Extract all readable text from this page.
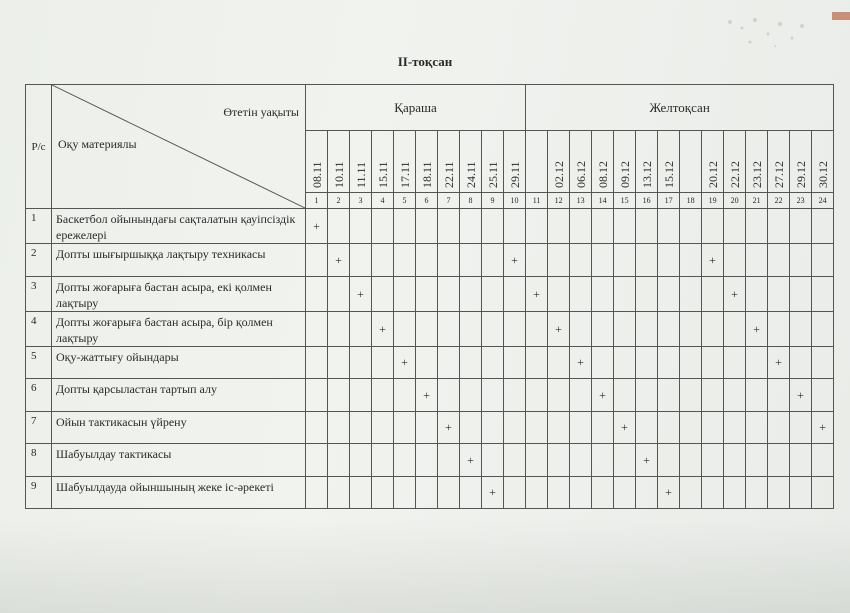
II-тоқсан
Р/с	Өтетін уақыты
Оқу материялы	Қараша										Желтоқсан													
		08.11	10.11	11.11	15.11	17.11	18.11	22.11	24.11	25.11	29.11		02.12	06.12	08.12	09.12	13.12	15.12		20.12	22.12	23.12	27.12	29.12	30.12
		1	2	3	4	5	6	7	8	9	10	11	12	13	14	15	16	17	18	19	20	21	22	23	24
1	Баскетбол ойынындағы сақталатын қауіпсіздік ережелері	+																							
2	Допты шығыршыққа лақтыру техникасы		+								+									+					
3	Допты жоғарыға бастан асыра, екі қолмен лақтыру			+								+									+				
4	Допты жоғарыға бастан асыра, бір қолмен лақтыру				+								+									+			
5	Оқу-жаттығу ойындары					+								+									+		
6	Допты қарсыластан тартып алу						+								+									+	
7	Ойын тактикасын үйрену							+								+									+
8	Шабуылдау тактикасы								+								+								
9	Шабуылдауда ойыншының жеке іс-әрекеті									+								+							
